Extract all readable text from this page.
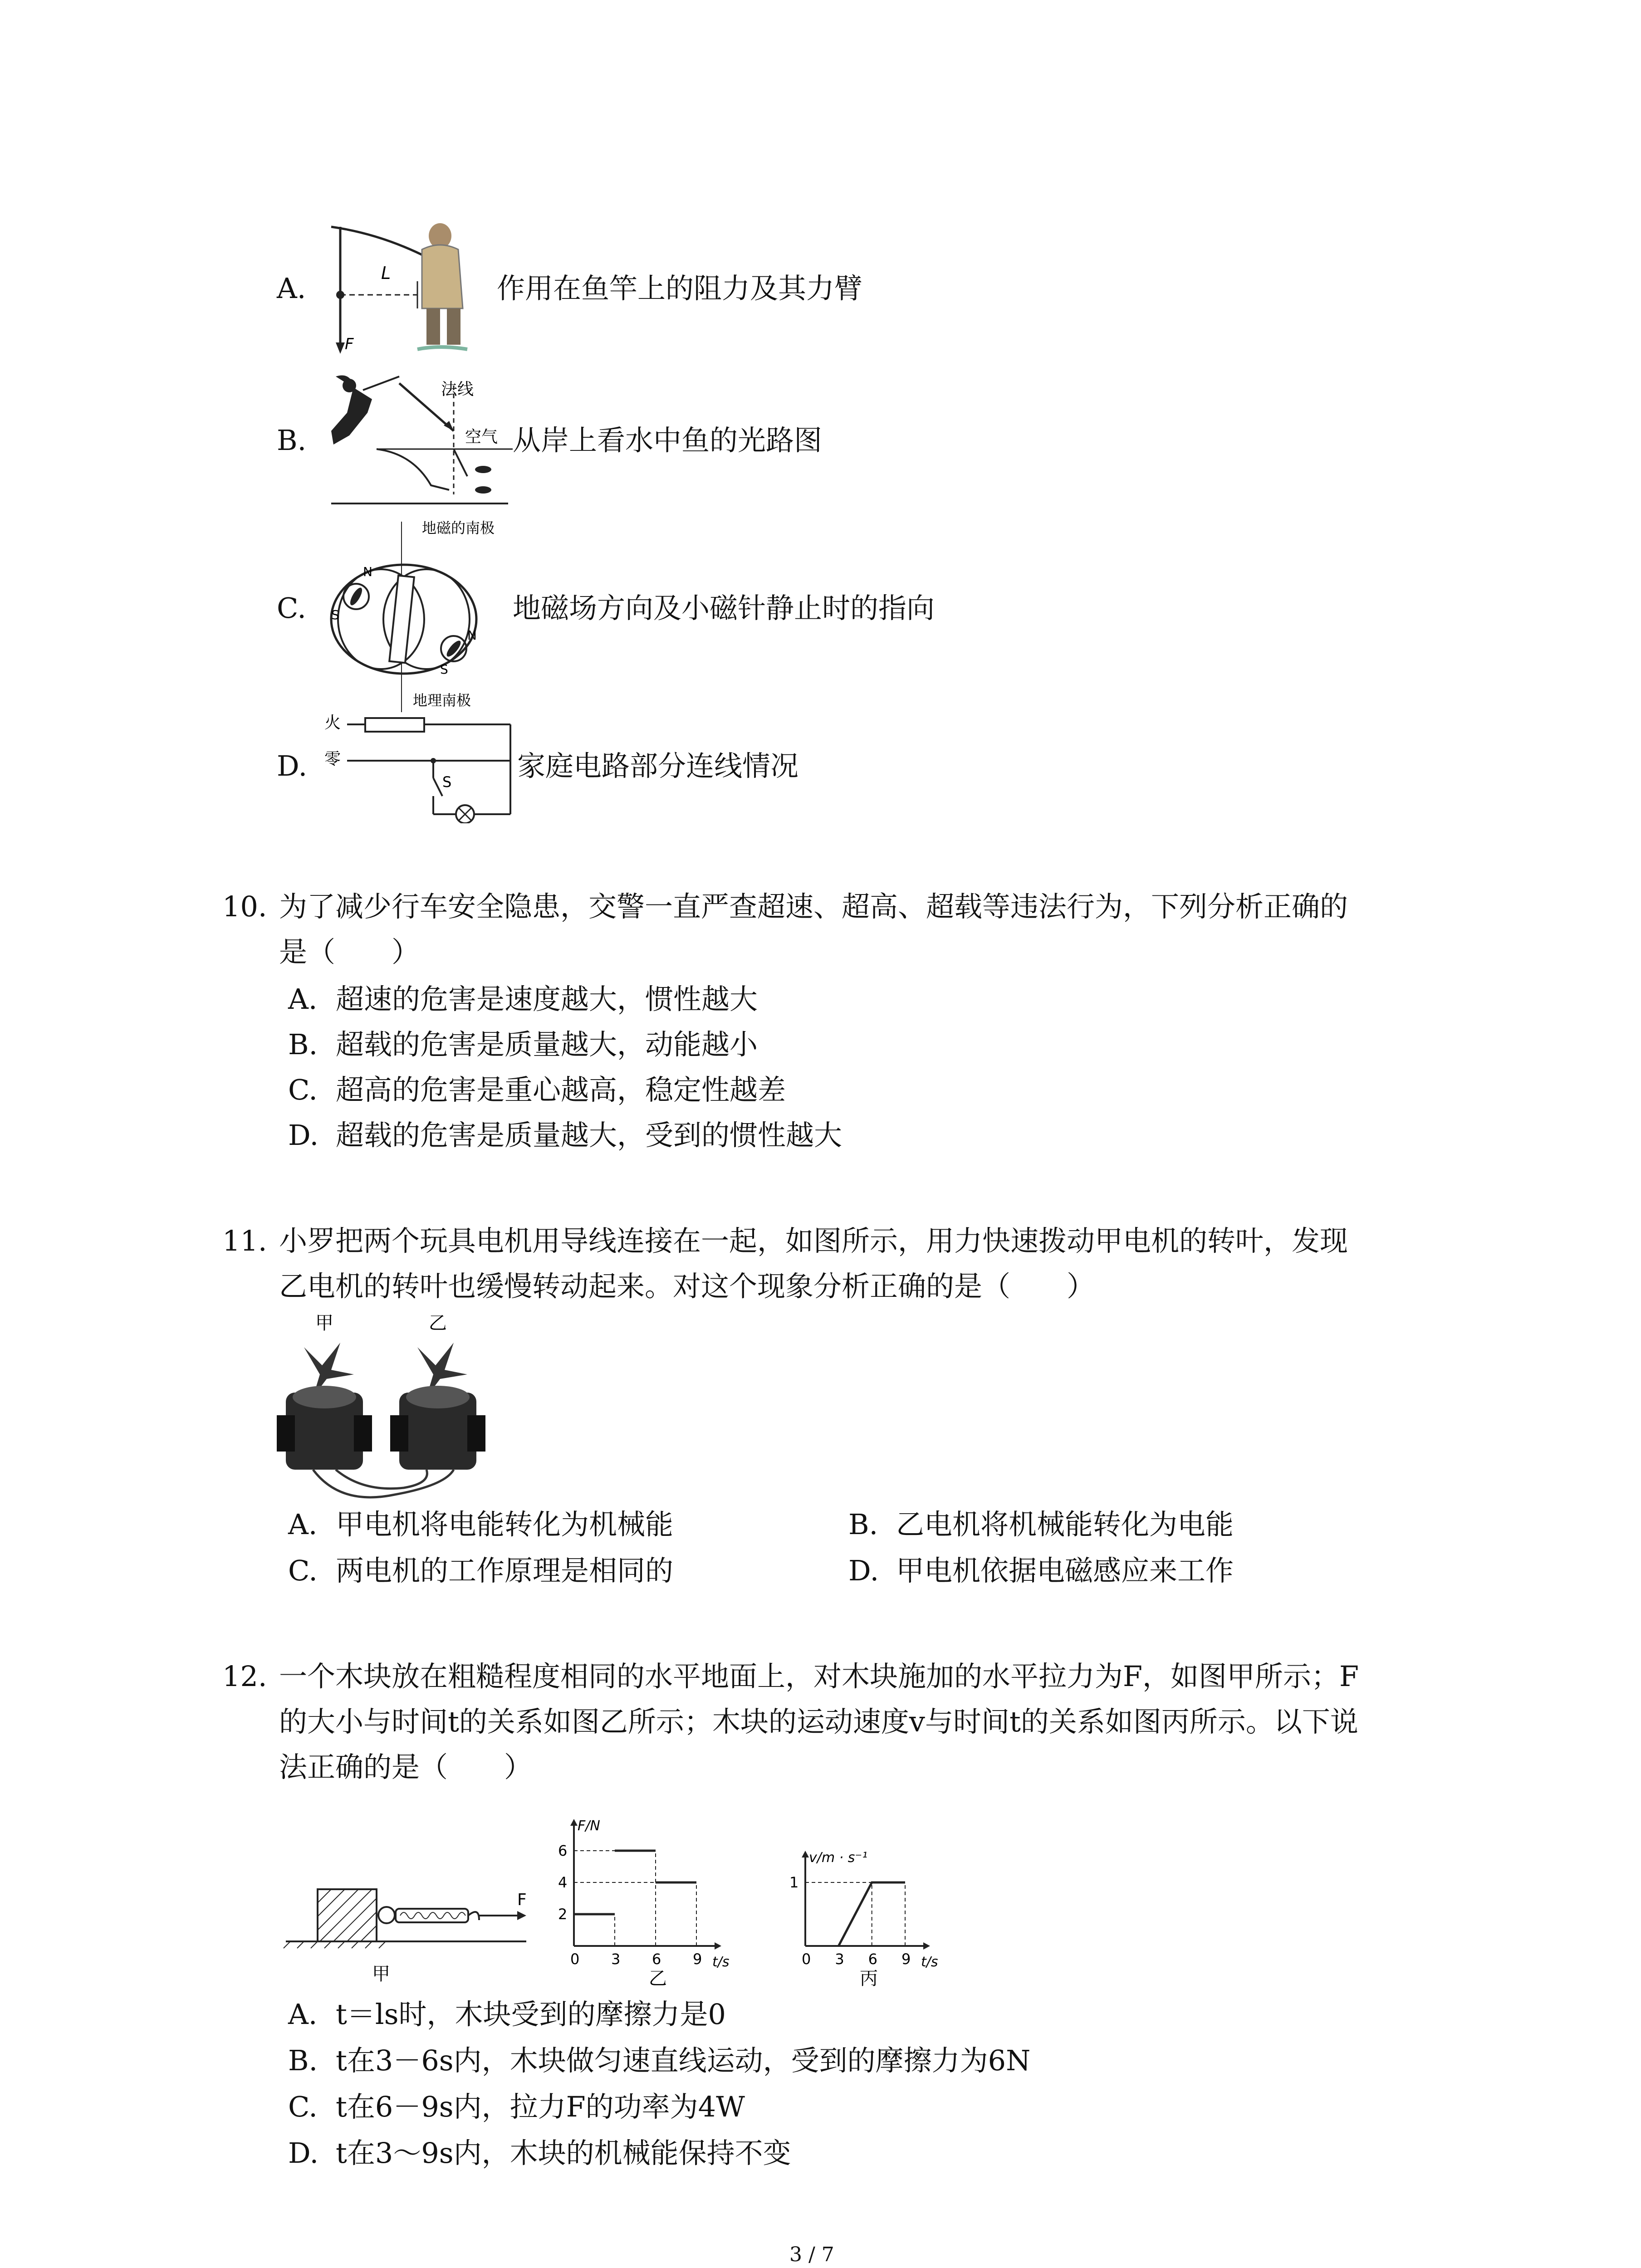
A.	L
F
作用在鱼竿上的阻力及其力臂
B.
法线
空气 从岸上看水中鱼的光路图
C.
地磁的南极
N
S
N
S
地理南极
地磁场方向及小磁针静止时的指向
D.
火
零
S 家庭电路部分连线情况
10. 为了减少行车安全隐患，交警一直严查超速、超高、超载等违法行为，下列分析正确的
是（　　）
A. 超速的危害是速度越大，惯性越大
B. 超载的危害是质量越大，动能越小
C. 超高的危害是重心越高，稳定性越差
D. 超载的危害是质量越大，受到的惯性越大
11. 小罗把两个玩具电机用导线连接在一起，如图所示，用力快速拨动甲电机的转叶，发现
乙电机的转叶也缓慢转动起来。对这个现象分析正确的是（　　）
甲	乙
A. 甲电机将电能转化为机械能	B. 乙电机将机械能转化为电能
C. 两电机的工作原理是相同的	D. 甲电机依据电磁感应来工作
12. 一个木块放在粗糙程度相同的水平地面上，对木块施加的水平拉力为F，如图甲所示；F
的大小与时间t的关系如图乙所示；木块的运动速度v与时间t的关系如图丙所示。以下说
法正确的是（　　）
F
甲
t/s
F/N
0 3 6 9
2
4
6
乙
t/s
v/m · s⁻¹
0 3 6 9
1
丙
A. t＝ls时，木块受到的摩擦力是0
B. t在3－6s内，木块做匀速直线运动，受到的摩擦力为6N
C. t在6－9s内，拉力F的功率为4W
D. t在3～9s内，木块的机械能保持不变
3 / 7
